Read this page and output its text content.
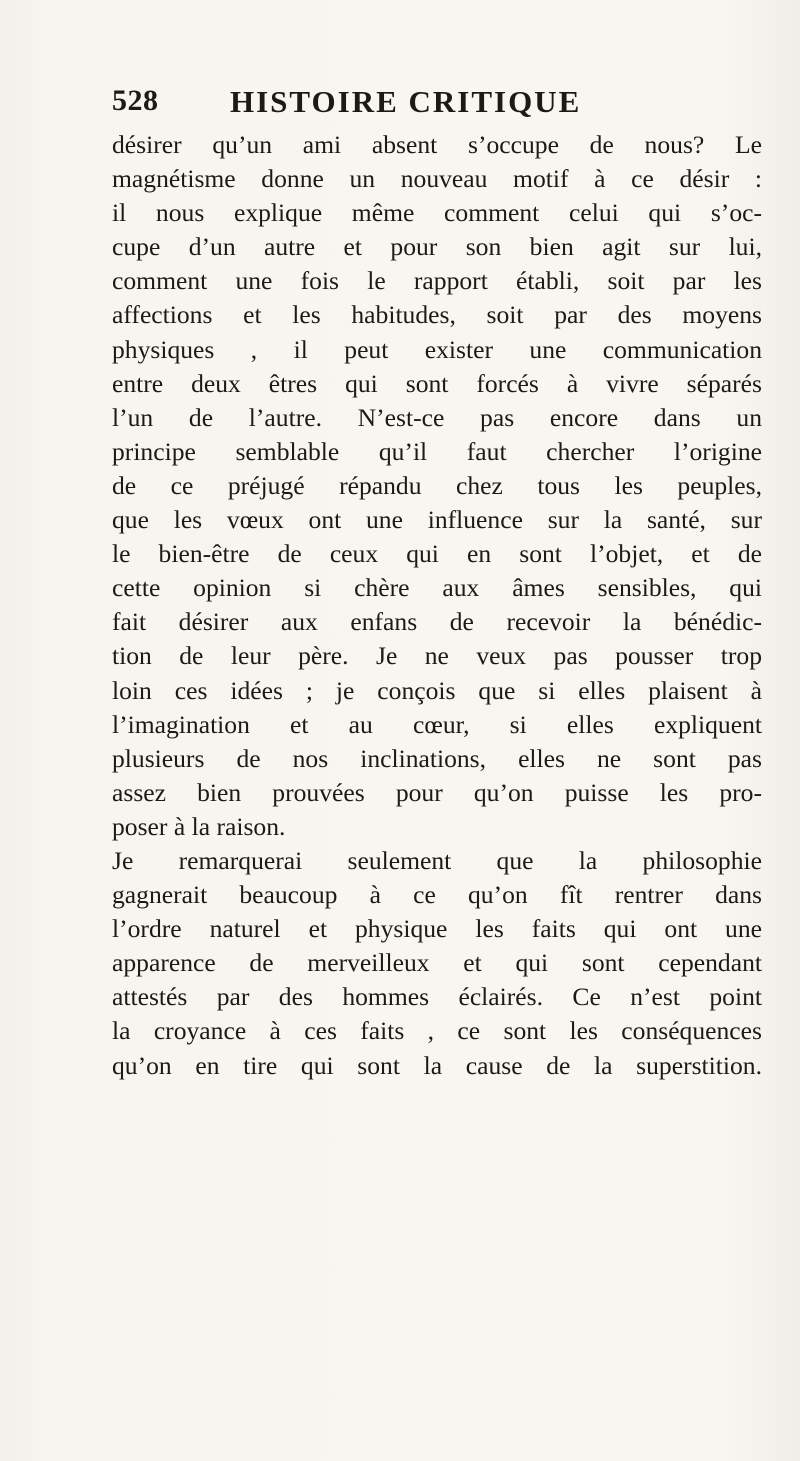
528 HISTOIRE CRITIQUE
désirer qu’un ami absent s’occupe de nous? Le
magnétisme donne un nouveau motif à ce désir :
il nous explique même comment celui qui s’oc-
cupe d’un autre et pour son bien agit sur lui,
comment une fois le rapport établi, soit par les
affections et les habitudes, soit par des moyens
physiques , il peut exister une communication
entre deux êtres qui sont forcés à vivre séparés
l’un de l’autre. N’est-ce pas encore dans un
principe semblable qu’il faut chercher l’origine
de ce préjugé répandu chez tous les peuples,
que les vœux ont une influence sur la santé, sur
le bien-être de ceux qui en sont l’objet, et de
cette opinion si chère aux âmes sensibles, qui
fait désirer aux enfans de recevoir la bénédic-
tion de leur père. Je ne veux pas pousser trop
loin ces idées ; je conçois que si elles plaisent à
l’imagination et au cœur, si elles expliquent
plusieurs de nos inclinations, elles ne sont pas
assez bien prouvées pour qu’on puisse les pro-
poser à la raison.
Je remarquerai seulement que la philosophie
gagnerait beaucoup à ce qu’on fît rentrer dans
l’ordre naturel et physique les faits qui ont une
apparence de merveilleux et qui sont cependant
attestés par des hommes éclairés. Ce n’est point
la croyance à ces faits , ce sont les conséquences
qu’on en tire qui sont la cause de la superstition.
